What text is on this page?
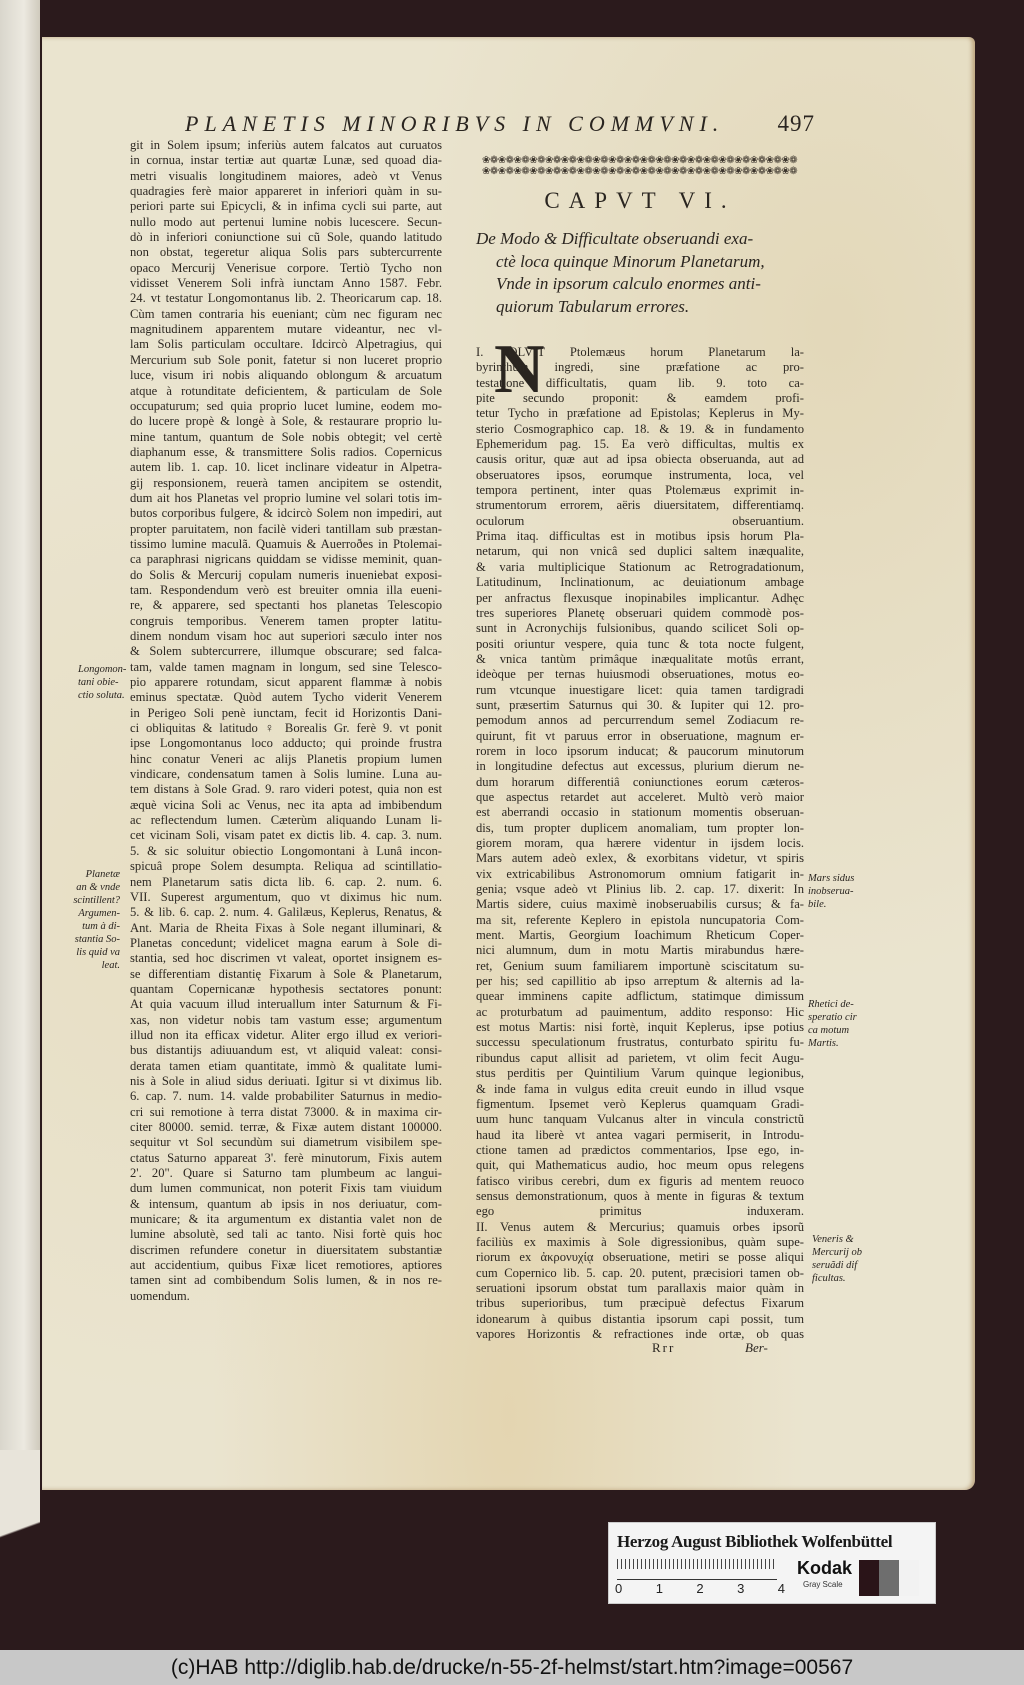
PLANETIS MINORIBVS IN COMMVNI. 497
git in Solem ipsum; inferiùs autem falcatos aut curuatos
in cornua, instar tertiæ aut quartæ Lunæ, sed quoad dia-
metri visualis longitudinem maiores, adeò vt Venus
quadragies ferè maior appareret in inferiori quàm in su-
periori parte sui Epicycli, & in infima cycli sui parte, aut
nullo modo aut pertenui lumine nobis lucescere. Secun-
dò in inferiori coniunctione sui cũ Sole, quando latitudo
non obstat, tegeretur aliqua Solis pars subtercurrente
opaco Mercurij Venerisue corpore. Tertiò Tycho non
vidisset Venerem Soli infrà iunctam Anno 1587. Febr.
24. vt testatur Longomontanus lib. 2. Theoricarum cap. 18.
Cùm tamen contraria his eueniant; cùm nec figuram nec
magnitudinem apparentem mutare videantur, nec vl-
lam Solis particulam occultare. Idcircò Alpetragius, qui
Mercurium sub Sole ponit, fatetur si non luceret proprio
luce, visum iri nobis aliquando oblongum & arcuatum
atque à rotunditate deficientem, & particulam de Sole
occupaturum; sed quia proprio lucet lumine, eodem mo-
do lucere propè & longè à Sole, & restaurare proprio lu-
mine tantum, quantum de Sole nobis obtegit; vel certè
diaphanum esse, & transmittere Solis radios. Copernicus
autem lib. 1. cap. 10. licet inclinare videatur in Alpetra-
gij responsionem, reuerà tamen ancipitem se ostendit,
dum ait hos Planetas vel proprio lumine vel solari totis im-
butos corporibus fulgere, & idcircò Solem non impediri, aut
propter paruitatem, non facilè videri tantillam sub præstan-
tissimo lumine maculã. Quamuis & Auerroðes in Ptolemai-
ca paraphrasi nigricans quiddam se vidisse meminit, quan-
do Solis & Mercurij copulam numeris inueniebat exposi-
tam. Respondendum verò est breuiter omnia illa eueni-
re, & apparere, sed spectanti hos planetas Telescopio
congruis temporibus. Venerem tamen propter latitu-
dinem nondum visam hoc aut superiori sæculo inter nos
& Solem subtercurrere, illumque obscurare; sed falca-
tam, valde tamen magnam in longum, sed sine Telesco-
pio apparere rotundam, sicut apparent flammæ à nobis
eminus spectatæ. Quòd autem Tycho viderit Venerem
in Perigeo Soli penè iunctam, fecit id Horizontis Dani-
ci obliquitas & latitudo ♀ Borealis Gr. ferè 9. vt ponit
ipse Longomontanus loco adducto; qui proinde frustra
hinc conatur Veneri ac alijs Planetis propium lumen
vindicare, condensatum tamen à Solis lumine. Luna au-
tem distans à Sole Grad. 9. raro videri potest, quia non est
æquè vicina Soli ac Venus, nec ita apta ad imbibendum
ac reflectendum lumen. Cæterùm aliquando Lunam li-
cet vicinam Soli, visam patet ex dictis lib. 4. cap. 3. num.
5. & sic soluitur obiectio Longomontani à Lunâ incon-
spicuâ prope Solem desumpta. Reliqua ad scintillatio-
nem Planetarum satis dicta lib. 6. cap. 2. num. 6.
VII. Superest argumentum, quo vt diximus hic num.
5. & lib. 6. cap. 2. num. 4. Galilæus, Keplerus, Renatus, &
Ant. Maria de Rheita Fixas à Sole negant illuminari, &
Planetas concedunt; videlicet magna earum à Sole di-
stantia, sed hoc discrimen vt valeat, oportet insignem es-
se differentiam distantię Fixarum à Sole & Planetarum,
quantam Copernicanæ hypothesis sectatores ponunt:
At quia vacuum illud interuallum inter Saturnum & Fi-
xas, non videtur nobis tam vastum esse; argumentum
illud non ita efficax videtur. Aliter ergo illud ex veriori-
bus distantijs adiuuandum est, vt aliquid valeat: consi-
derata tamen etiam quantitate, immò & qualitate lumi-
nis à Sole in aliud sidus deriuati. Igitur si vt diximus lib.
6. cap. 7. num. 14. valde probabiliter Saturnus in medio-
cri sui remotione à terra distat 73000. & in maxima cir-
citer 80000. semid. terræ, & Fixæ autem distant 100000.
sequitur vt Sol secundùm sui diametrum visibilem spe-
ctatus Saturno appareat 3'. ferè minutorum, Fixis autem
2'. 20". Quare si Saturno tam plumbeum ac langui-
dum lumen communicat, non poterit Fixis tam viuidum
& intensum, quantum ab ipsis in nos deriuatur, com-
municare; & ita argumentum ex distantia valet non de
lumine absolutè, sed tali ac tanto. Nisi fortè quis hoc
discrimen refundere conetur in diuersitatem substantiæ
aut accidentium, quibus Fixæ licet remotiores, aptiores
tamen sint ad combibendum Solis lumen, & in nos re-
uomendum.
❀❁❀❁❀❁❀❁❀❁❀❁❀❁❀❁❀❁❀❁❀❁❀❁❀❁❀❁❀❁❀❁❀❁❀❁❀❁❀❁
❀❁❀❁❀❁❀❁❀❁❀❁❀❁❀❁❀❁❀❁❀❁❀❁❀❁❀❁❀❁❀❁❀❁❀❁❀❁❀❁
CAPVT VI.
De Modo & Difficultate obseruandi exa-
ctè loca quinque Minorum Planetarum,
Vnde in ipsorum calculo enormes anti-
quiorum Tabularum errores.
N
I. OLVIT Ptolemæus horum Planetarum la-
byrinthum ingredi, sine præfatione ac pro-
testatione difficultatis, quam lib. 9. toto ca-
pite secundo proponit: & eamdem profi-
tetur Tycho in præfatione ad Epistolas; Keplerus in My-
sterio Cosmographico cap. 18. & 19. & in fundamento
Ephemeridum pag. 15. Ea verò difficultas, multis ex
causis oritur, quæ aut ad ipsa obiecta obseruanda, aut ad
obseruatores ipsos, eorumque instrumenta, loca, vel
tempora pertinent, inter quas Ptolemæus exprimit in-
strumentorum errorem, aëris diuersitatem, differentiamq.
oculorum obseruantium.
Prima itaq. difficultas est in motibus ipsis horum Pla-
netarum, qui non vnicâ sed duplici saltem inæqualite,
& varia multiplicique Stationum ac Retrogradationum,
Latitudinum, Inclinationum, ac deuiationum ambage
per anfractus flexusque inopinabiles implicantur. Adhęc
tres superiores Planetę obseruari quidem commodè pos-
sunt in Acronychijs fulsionibus, quando scilicet Soli op-
positi oriuntur vespere, quia tunc & tota nocte fulgent,
& vnica tantùm primâque inæqualitate motûs errant,
ideòque per ternas huiusmodi obseruationes, motus eo-
rum vtcunque inuestigare licet: quia tamen tardigradi
sunt, præsertim Saturnus qui 30. & Iupiter qui 12. pro-
pemodum annos ad percurrendum semel Zodiacum re-
quirunt, fit vt paruus error in obseruatione, magnum er-
rorem in loco ipsorum inducat; & paucorum minutorum
in longitudine defectus aut excessus, plurium dierum ne-
dum horarum differentiâ coniunctiones eorum cæteros-
que aspectus retardet aut acceleret. Multò verò maior
est aberrandi occasio in stationum momentis obseruan-
dis, tum propter duplicem anomaliam, tum propter lon-
giorem moram, qua hærere videntur in ijsdem locis.
Mars autem adeò exlex, & exorbitans videtur, vt spiris
vix extricabilibus Astronomorum omnium fatigarit in-
genia; vsque adeò vt Plinius lib. 2. cap. 17. dixerit: In
Martis sidere, cuius maximè inobseruabilis cursus; & fa-
ma sit, referente Keplero in epistola nuncupatoria Com-
ment. Martis, Georgium Ioachimum Rheticum Coper-
nici alumnum, dum in motu Martis mirabundus hære-
ret, Genium suum familiarem importunè sciscitatum su-
per his; sed capillitio ab ipso arreptum & alternis ad la-
quear imminens capite adflictum, statimque dimissum
ac proturbatum ad pauimentum, addito responso: Hic
est motus Martis: nisi fortè, inquit Keplerus, ipse potius
successu speculationum frustratus, conturbato spiritu fu-
ribundus caput allisit ad parietem, vt olim fecit Augu-
stus perditis per Quintilium Varum quinque legionibus,
& inde fama in vulgus edita creuit eundo in illud vsque
figmentum. Ipsemet verò Keplerus quamquam Gradi-
uum hunc tanquam Vulcanus alter in vincula constrictũ
haud ita liberè vt antea vagari permiserit, in Introdu-
ctione tamen ad prædictos commentarios, Ipse ego, in-
quit, qui Mathematicus audio, hoc meum opus relegens
fatisco viribus cerebri, dum ex figuris ad mentem reuoco
sensus demonstrationum, quos à mente in figuras & textum
ego primitus induxeram.
II. Venus autem & Mercurius; quamuis orbes ipsorũ
faciliùs ex maximis à Sole digressionibus, quàm supe-
riorum ex ἀκρονυχίᾳ obseruatione, metiri se posse aliqui
cum Copernico lib. 5. cap. 20. putent, præcisiori tamen ob-
seruationi ipsorum obstat tum parallaxis maior quàm in
tribus superioribus, tum præcipuè defectus Fixarum
idonearum à quibus distantia ipsorum capi possit, tum
vapores Horizontis & refractiones inde ortæ, ob quas
Longomon-
tani obie-
ctio soluta.
Planetæ
an & vnde
scintillent?
Argumen-
tum à di-
stantia So-
lis quid va
leat.
Mars sidus
inobserua-
bile.
Rhetici de-
speratio cir
ca motum
Martis.
Veneris &
Mercurij ob
seruãdi dif
ficultas.
Rrr	Ber-
Herzog August Bibliothek Wolfenbüttel
0	1	2	3	4
Kodak
Gray Scale
(c)HAB http://diglib.hab.de/drucke/n-55-2f-helmst/start.htm?image=00567
